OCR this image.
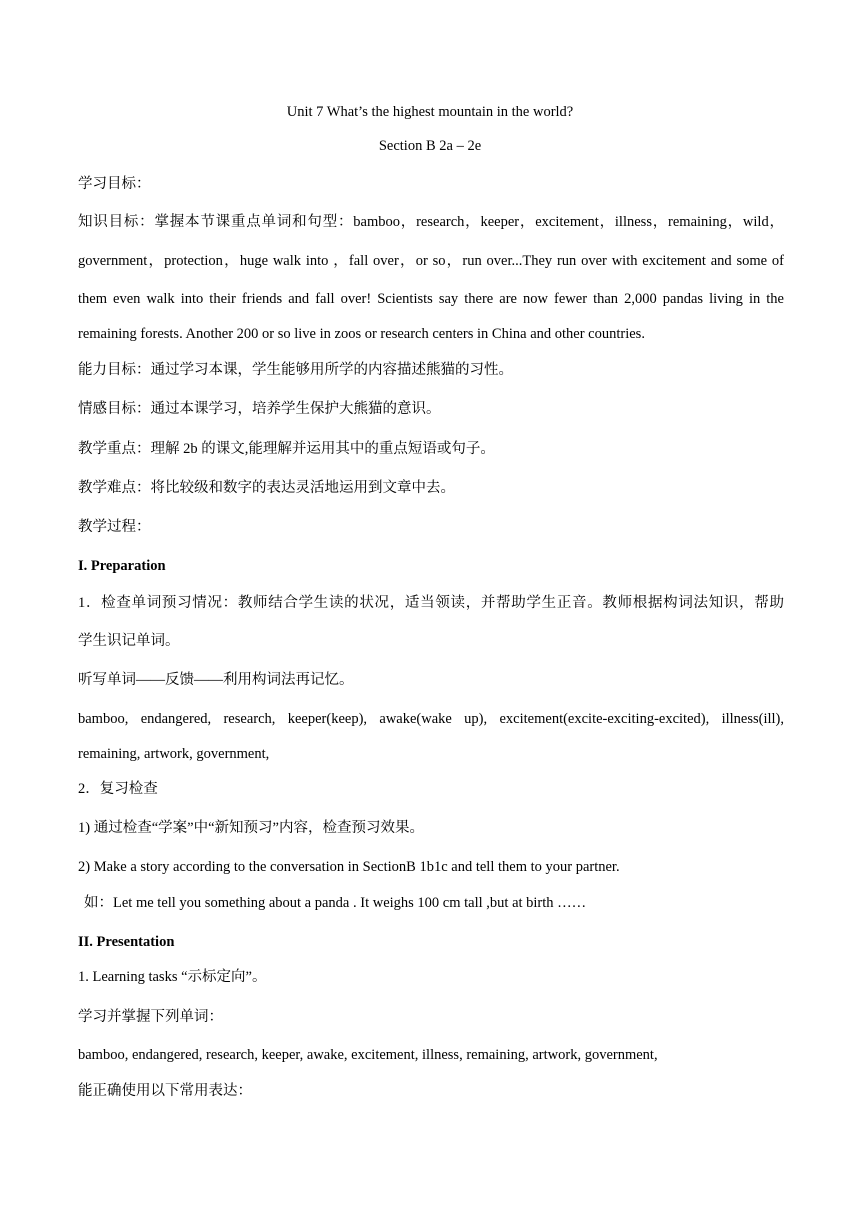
Unit 7 What’s the highest mountain in the world?
Section B 2a – 2e
学习目标：
知识目标：掌握本节课重点单词和句型：bamboo，research，keeper，excitement，illness，remaining，wild，
government，protection，huge walk into ，fall over，or so，run over...They run over with excitement and some of
them even walk into their friends and fall over! Scientists say there are now fewer than 2,000 pandas living in the
remaining forests. Another 200 or so live in zoos or research centers in China and other countries.
能力目标：通过学习本课，学生能够用所学的内容描述熊猫的习性。
情感目标：通过本课学习，培养学生保护大熊猫的意识。
教学重点：理解 2b 的课文,能理解并运用其中的重点短语或句子。
教学难点：将比较级和数字的表达灵活地运用到文章中去。
教学过程：
I. Preparation
1．检查单词预习情况：教师结合学生读的状况，适当领读，并帮助学生正音。教师根据构词法知识，帮助
学生识记单词。
听写单词——反馈——利用构词法再记忆。
bamboo, endangered, research, keeper(keep), awake(wake up), excitement(excite-exciting-excited), illness(ill),
remaining, artwork, government,
2．复习检查
1) 通过检查“学案”中“新知预习”内容，检查预习效果。
2) Make a story according to the conversation in SectionB 1b1c and tell them to your partner.
如：Let me tell you something about a panda . It weighs 100 cm tall ,but at birth ……
II. Presentation
1. Learning tasks “示标定向”。
学习并掌握下列单词：
bamboo, endangered, research, keeper, awake, excitement, illness, remaining, artwork, government,
能正确使用以下常用表达：
